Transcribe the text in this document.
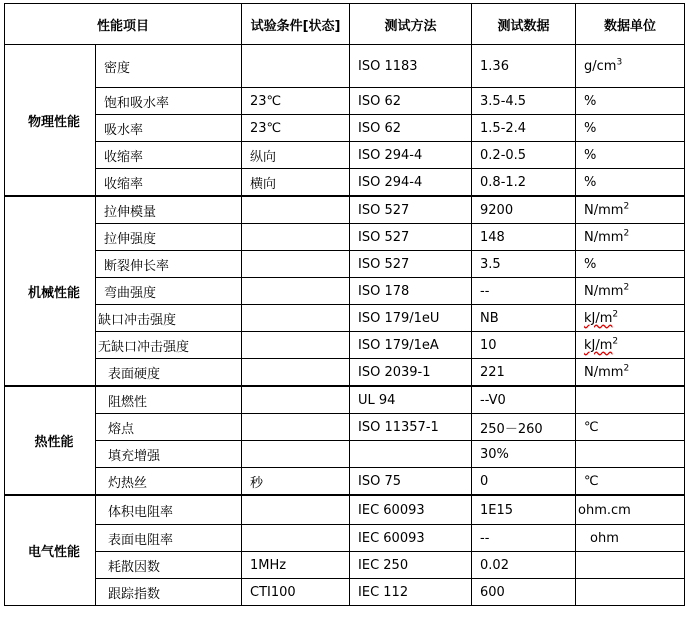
性能项目		试验条件[状态]	测试方法	测试数据	数据单位
物理性能	密度		ISO 1183	1.36	$g/cm^3$
	饱和吸水率	23℃	ISO 62	3.5-4.5	%
	吸水率	23℃	ISO 62	1.5-2.4	%
	收缩率	纵向	ISO 294-4	0.2-0.5	%
	收缩率	横向	ISO 294-4	0.8-1.2	%
机械性能	拉伸模量		ISO 527	9200	$N/mm^2$
	拉伸强度		ISO 527	148	$N/mm^2$
	断裂伸长率		ISO 527	3.5	%
	弯曲强度		ISO 178	--	$N/mm^2$
	缺口冲击强度		ISO 179/1eU	NB	$kJ/m^2$
	无缺口冲击强度		ISO 179/1eA	10	$kJ/m^2$
	表面硬度		ISO 2039-1	221	$N/mm^2$
热性能	阻燃性		UL 94	--V0	
	熔点		ISO 11357-1	250－260	℃
	填充增强			30%	
	灼热丝	秒	ISO 75	0	℃
电气性能	体积电阻率		IEC 60093	1E15	ohm.cm
	表面电阻率		IEC 60093	--	ohm
	耗散因数	1MHz	IEC 250	0.02	
	跟踪指数	CTI100	IEC 112	600	
